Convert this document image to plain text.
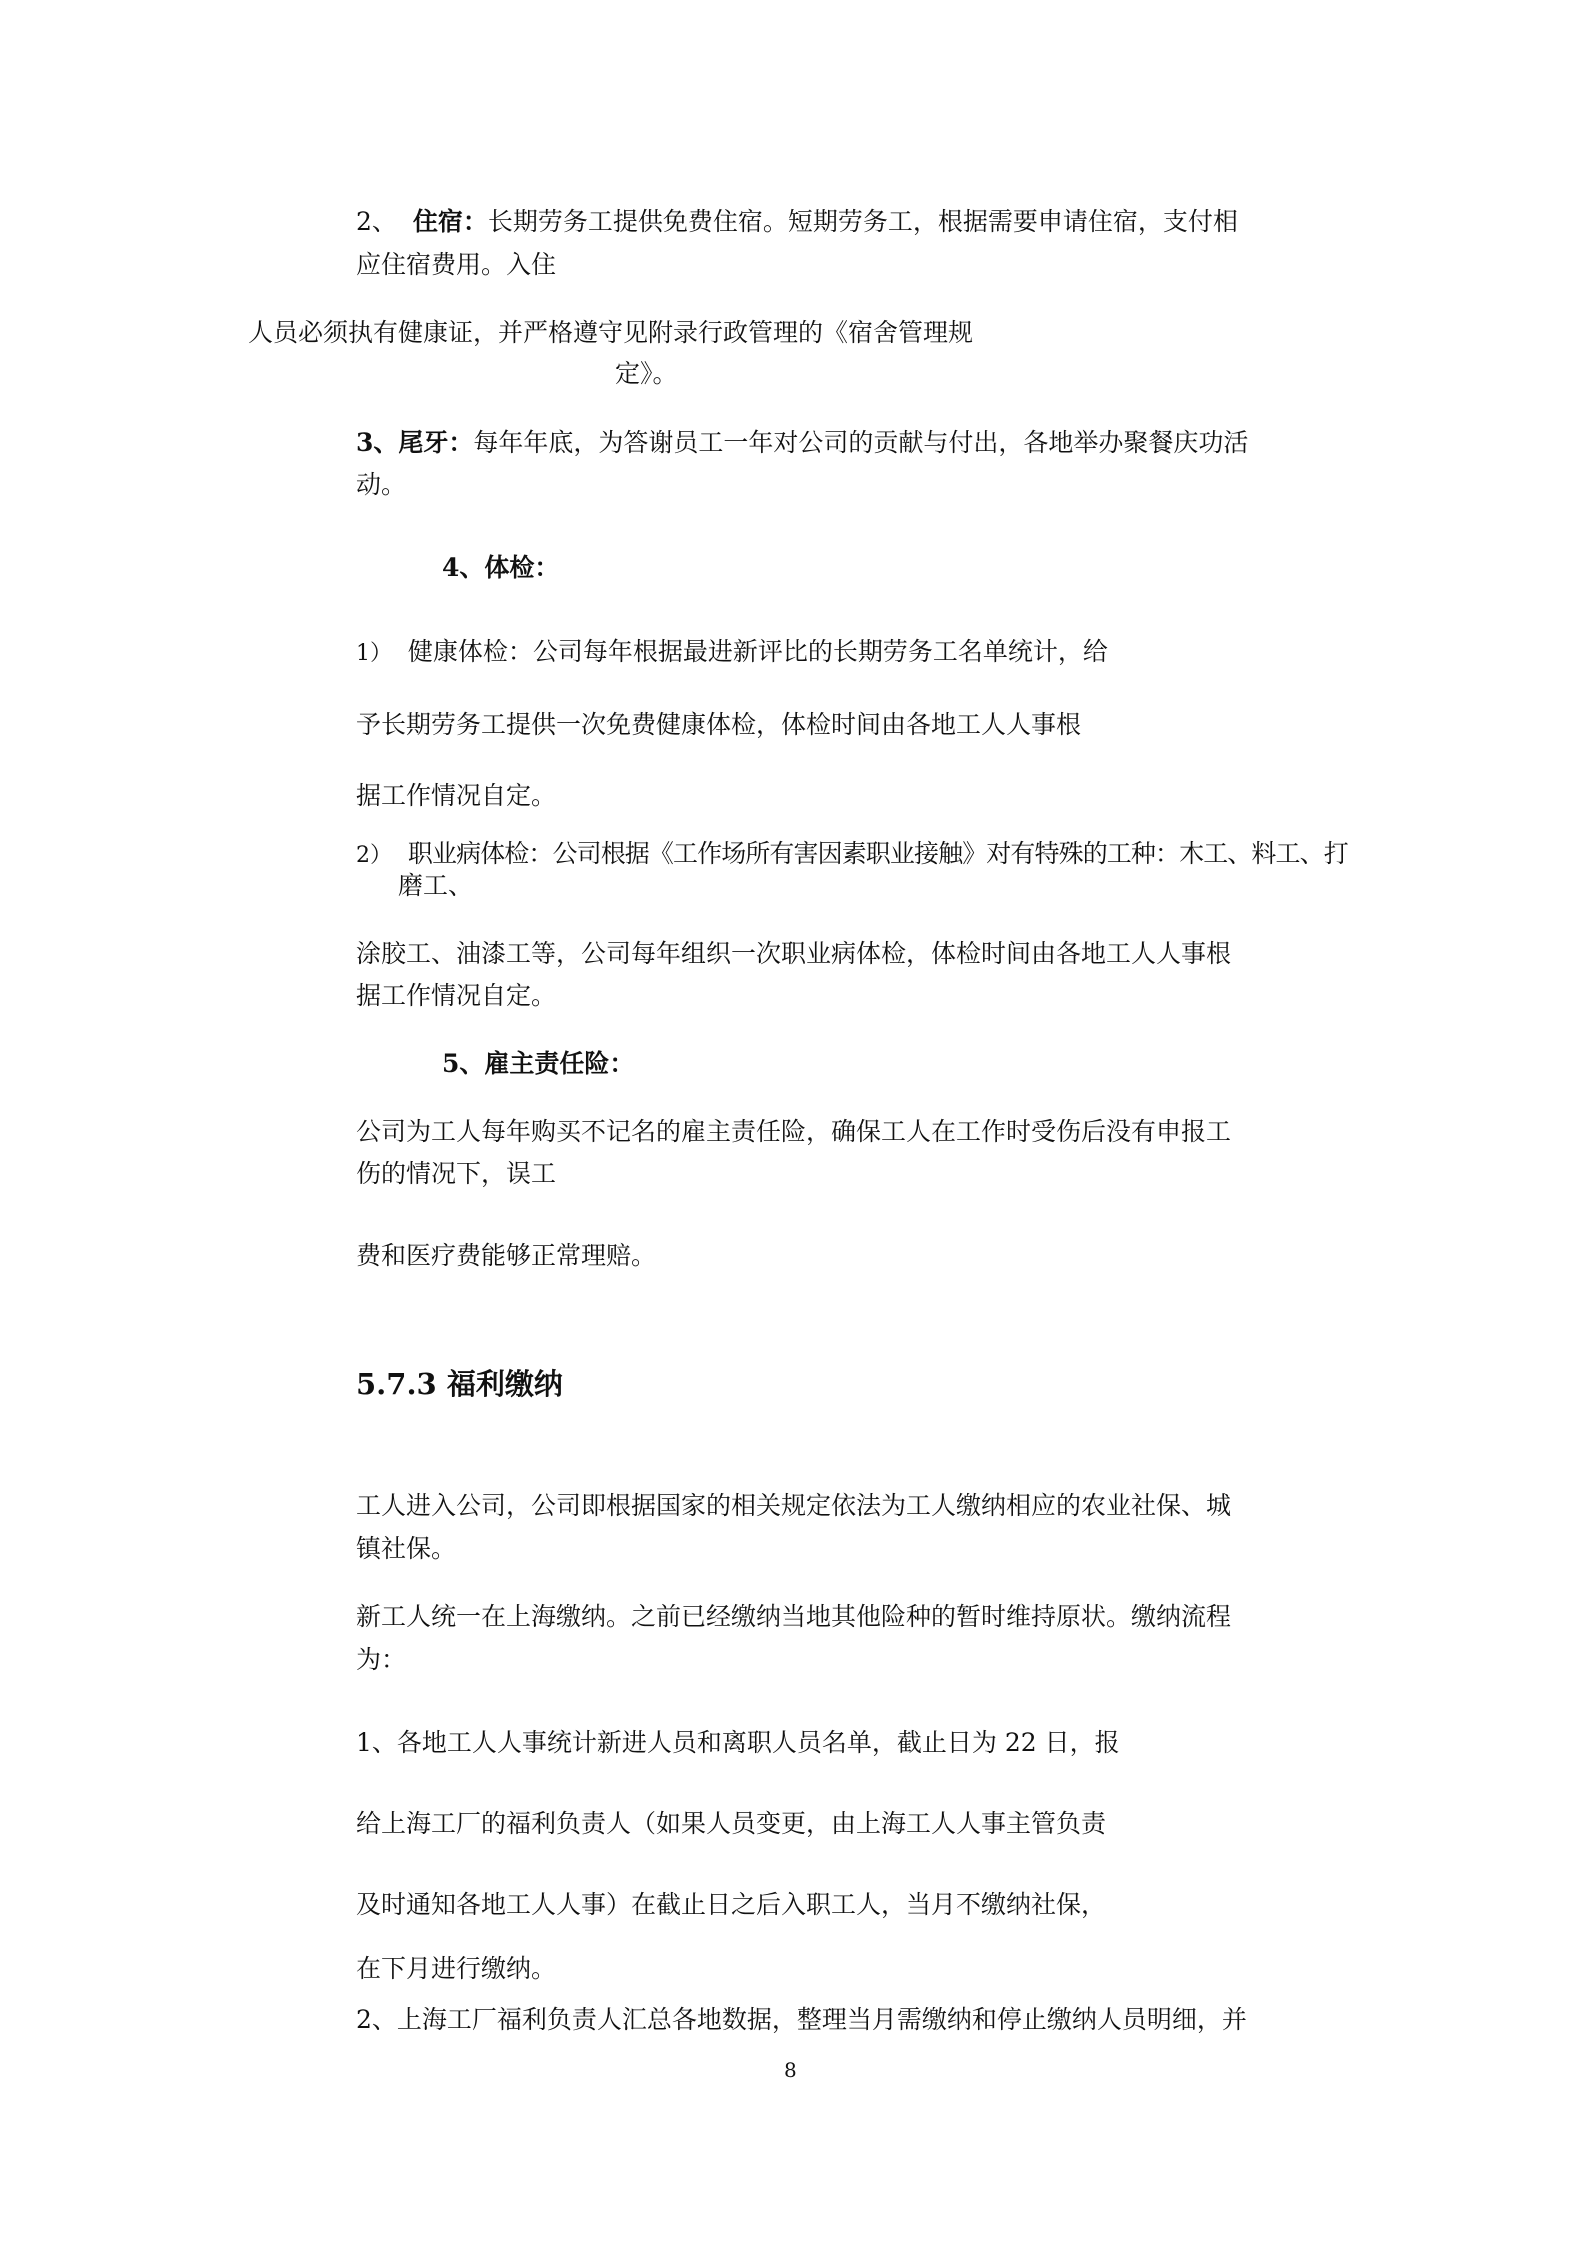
2、 住宿：长期劳务工提供免费住宿。短期劳务工，根据需要申请住宿，支付相
应住宿费用。入住
人员必须执有健康证，并严格遵守见附录行政管理的《宿舍管理规
定》。
3、尾牙：每年年底，为答谢员工一年对公司的贡献与付出，各地举办聚餐庆功活
动。
4、体检：
1） 健康体检：公司每年根据最进新评比的长期劳务工名单统计，给
予长期劳务工提供一次免费健康体检，体检时间由各地工人人事根
据工作情况自定。
2） 职业病体检：公司根据《工作场所有害因素职业接触》对有特殊的工种：木工、料工、打
磨工、
涂胶工、油漆工等，公司每年组织一次职业病体检，体检时间由各地工人人事根
据工作情况自定。
5、雇主责任险：
公司为工人每年购买不记名的雇主责任险，确保工人在工作时受伤后没有申报工
伤的情况下，误工
费和医疗费能够正常理赔。
5.7.3 福利缴纳
工人进入公司，公司即根据国家的相关规定依法为工人缴纳相应的农业社保、城
镇社保。
新工人统一在上海缴纳。之前已经缴纳当地其他险种的暂时维持原状。缴纳流程
为：
1、各地工人人事统计新进人员和离职人员名单，截止日为 22 日，报
给上海工厂的福利负责人（如果人员变更，由上海工人人事主管负责
及时通知各地工人人事）在截止日之后入职工人，当月不缴纳社保，
在下月进行缴纳。
2、上海工厂福利负责人汇总各地数据，整理当月需缴纳和停止缴纳人员明细，并
8
